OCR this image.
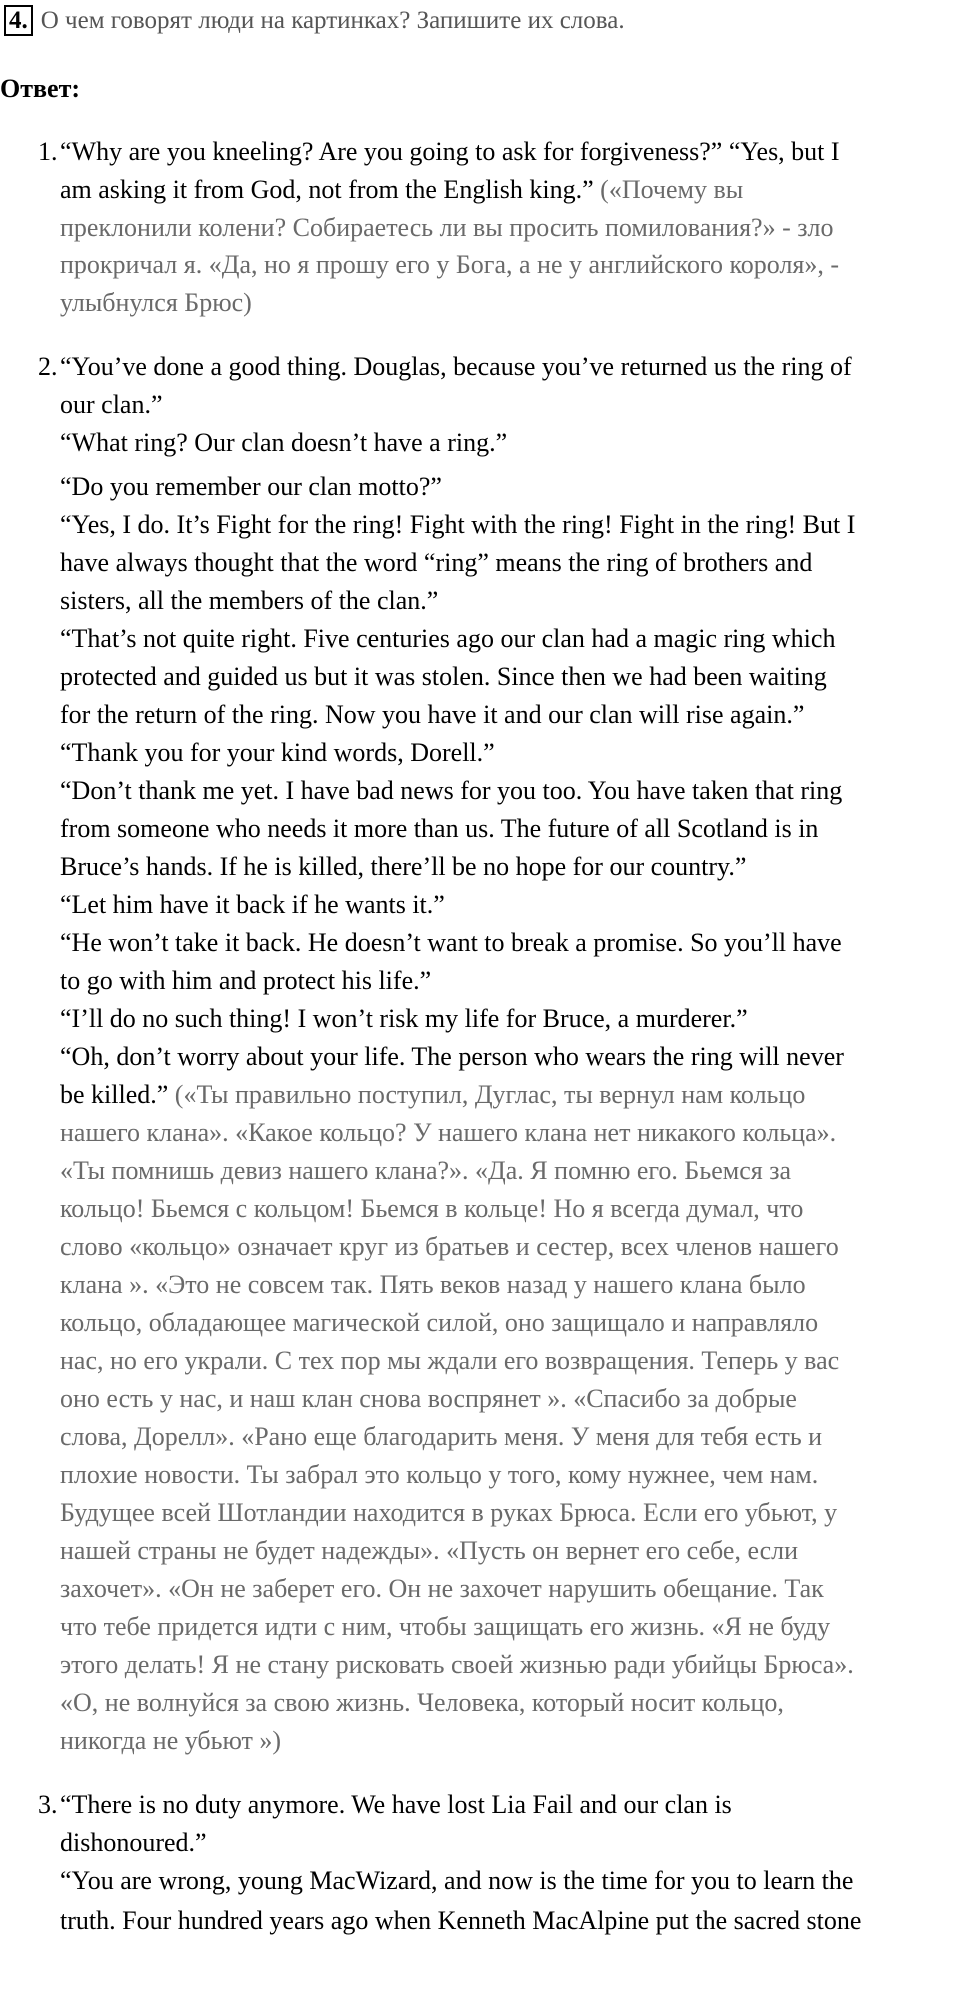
4. О чем говорят люди на картинках? Запишите их слова.
Ответ:
1. “Why are you kneeling? Are you going to ask for forgiveness?” “Yes, but I
am asking it from God, not from the English king.” («Почему вы
преклонили колени? Собираетесь ли вы просить помилования?» - зло
прокричал я. «Да, но я прошу его у Бога, а не у английского короля», -
улыбнулся Брюс)
2. “You’ve done a good thing. Douglas, because you’ve returned us the ring of
our clan.”
“What ring? Our clan doesn’t have a ring.”
“Do you remember our clan motto?”
“Yes, I do. It’s Fight for the ring! Fight with the ring! Fight in the ring! But I
have always thought that the word “ring” means the ring of brothers and
sisters, all the members of the clan.”
“That’s not quite right. Five centuries ago our clan had a magic ring which
protected and guided us but it was stolen. Since then we had been waiting
for the return of the ring. Now you have it and our clan will rise again.”
“Thank you for your kind words, Dorell.”
“Don’t thank me yet. I have bad news for you too. You have taken that ring
from someone who needs it more than us. The future of all Scotland is in
Bruce’s hands. If he is killed, there’ll be no hope for our country.”
“Let him have it back if he wants it.”
“He won’t take it back. He doesn’t want to break a promise. So you’ll have
to go with him and protect his life.”
“I’ll do no such thing! I won’t risk my life for Bruce, a murderer.”
“Oh, don’t worry about your life. The person who wears the ring will never
be killed.” («Ты правильно поступил, Дуглас, ты вернул нам кольцо
нашего клана». «Какое кольцо? У нашего клана нет никакого кольца».
«Ты помнишь девиз нашего клана?». «Да. Я помню его. Бьемся за
кольцо! Бьемся с кольцом! Бьемся в кольце! Но я всегда думал, что
слово «кольцо» означает круг из братьев и сестер, всех членов нашего
клана ». «Это не совсем так. Пять веков назад у нашего клана было
кольцо, обладающее магической силой, оно защищало и направляло
нас, но его украли. С тех пор мы ждали его возвращения. Теперь у вас
оно есть у нас, и наш клан снова воспрянет ». «Спасибо за добрые
слова, Дорелл». «Рано еще благодарить меня. У меня для тебя есть и
плохие новости. Ты забрал это кольцо у того, кому нужнее, чем нам.
Будущее всей Шотландии находится в руках Брюса. Если его убьют, у
нашей страны не будет надежды». «Пусть он вернет его себе, если
захочет». «Он не заберет его. Он не захочет нарушить обещание. Так
что тебе придется идти с ним, чтобы защищать его жизнь. «Я не буду
этого делать! Я не стану рисковать своей жизнью ради убийцы Брюса».
«О, не волнуйся за свою жизнь. Человека, который носит кольцо,
никогда не убьют »)
3. “There is no duty anymore. We have lost Lia Fail and our clan is
dishonoured.”
“You are wrong, young MacWizard, and now is the time for you to learn the
truth. Four hundred years ago when Kenneth MacAlpine put the sacred stone
